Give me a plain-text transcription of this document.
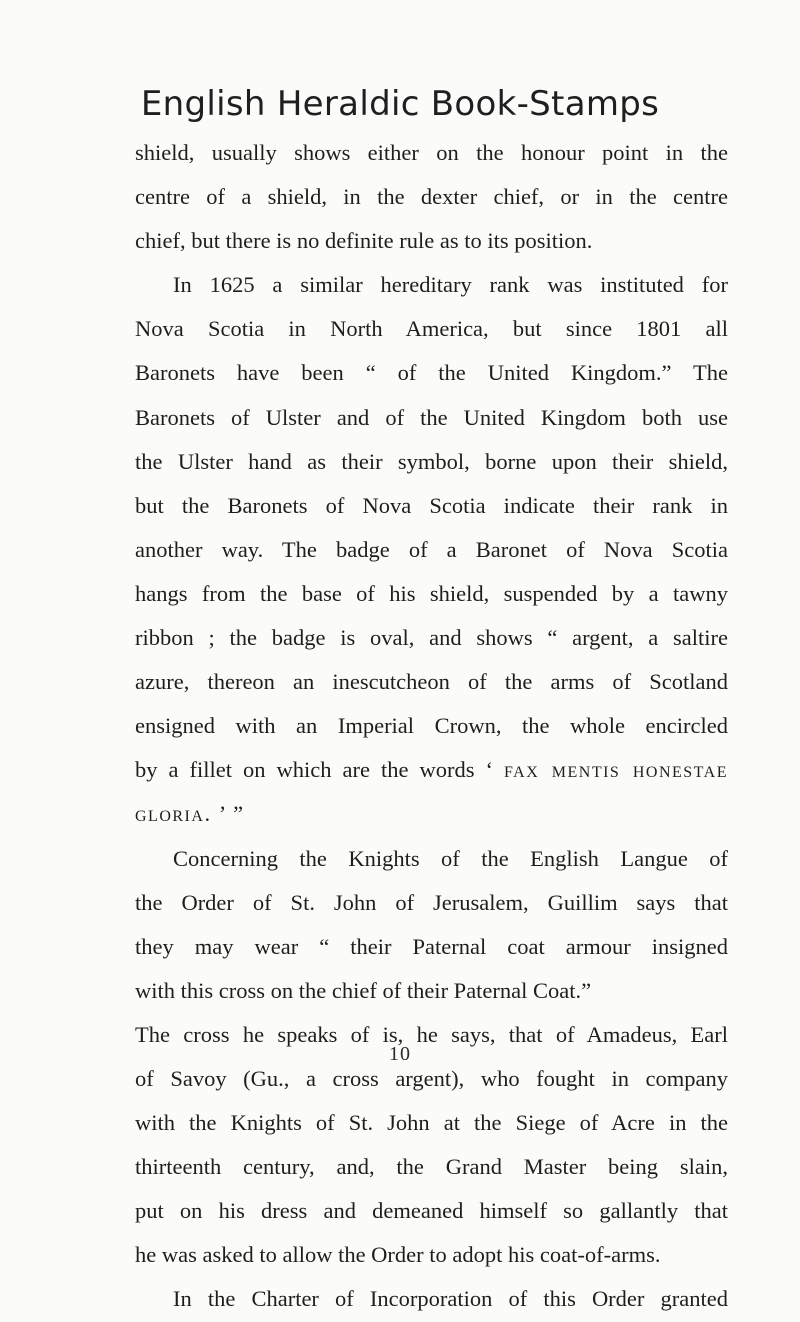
English Heraldic Book-Stamps
shield, usually shows either on the honour point in the
centre of a shield, in the dexter chief, or in the centre
chief, but there is no definite rule as to its position.
In 1625 a similar hereditary rank was instituted for
Nova Scotia in North America, but since 1801 all
Baronets have been “ of the United Kingdom.” The
Baronets of Ulster and of the United Kingdom both use
the Ulster hand as their symbol, borne upon their shield,
but the Baronets of Nova Scotia indicate their rank in
another way. The badge of a Baronet of Nova Scotia
hangs from the base of his shield, suspended by a tawny
ribbon ; the badge is oval, and shows “ argent, a saltire
azure, thereon an inescutcheon of the arms of Scotland
ensigned with an Imperial Crown, the whole encircled
by a fillet on which are the words ‘ fax mentis honestae
gloria. ’ ”
Concerning the Knights of the English Langue of
the Order of St. John of Jerusalem, Guillim says that
they may wear “ their Paternal coat armour insigned
with this cross on the chief of their Paternal Coat.”
The cross he speaks of is, he says, that of Amadeus, Earl
of Savoy (Gu., a cross argent), who fought in company
with the Knights of St. John at the Siege of Acre in the
thirteenth century, and, the Grand Master being slain,
put on his dress and demeaned himself so gallantly that
he was asked to allow the Order to adopt his coat-of-arms.
In the Charter of Incorporation of this Order granted
10
